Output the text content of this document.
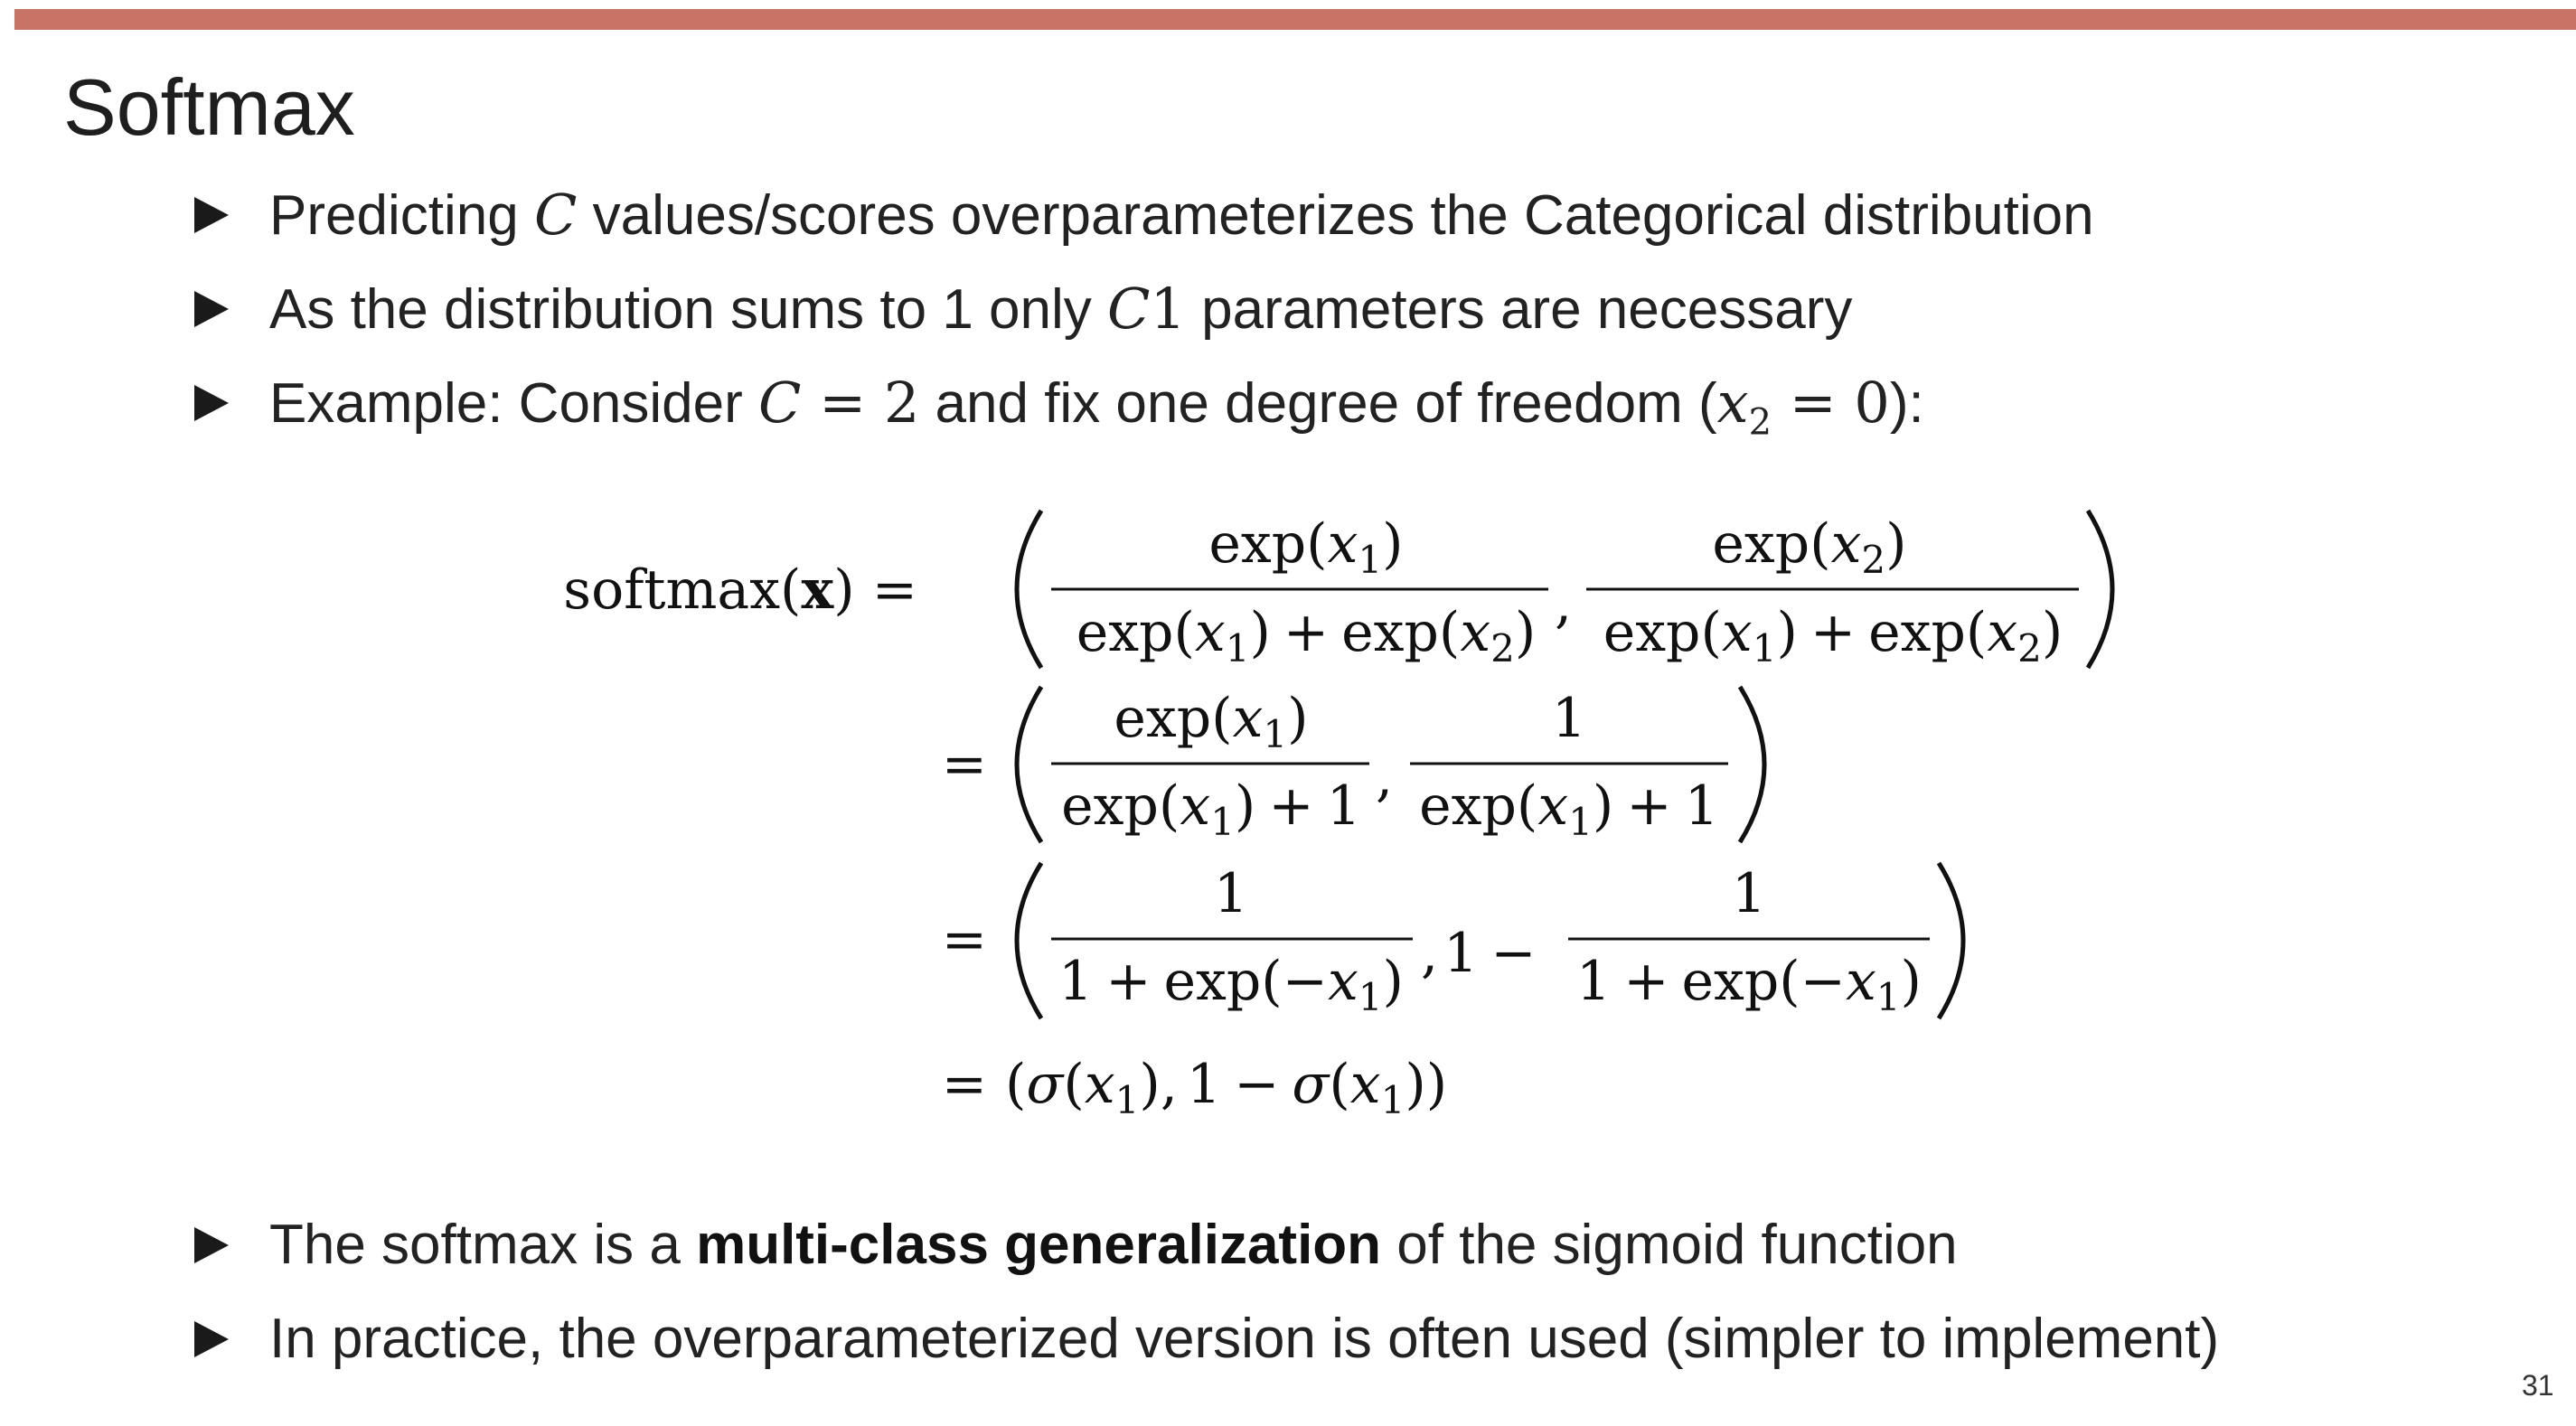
Softmax
Predicting C values/scores overparameterizes the Categorical distribution
As the distribution sums to 1 only C1 parameters are necessary
Example: Consider C = 2 and fix one degree of freedom $(x_2 = 0)$:
The softmax is a multi-class generalization of the sigmoid function
In practice, the overparameterized version is often used (simpler to implement)
softmax(x) =
$\exp(x_1)$
$\exp(x_1) + \exp(x_2)$ ,
$\exp(x_2)$
$\exp(x_1) + \exp(x_2)$
=
$\exp(x_1)$
$\exp(x_1) + 1$ ,
1
$\exp(x_1) + 1$
=
1
$1 + \exp(-x_1)$ , 1 −
1
$1 + \exp(-x_1)$
= ($\sigma(x_1)$, $1 - \sigma(x_1)$)
31
